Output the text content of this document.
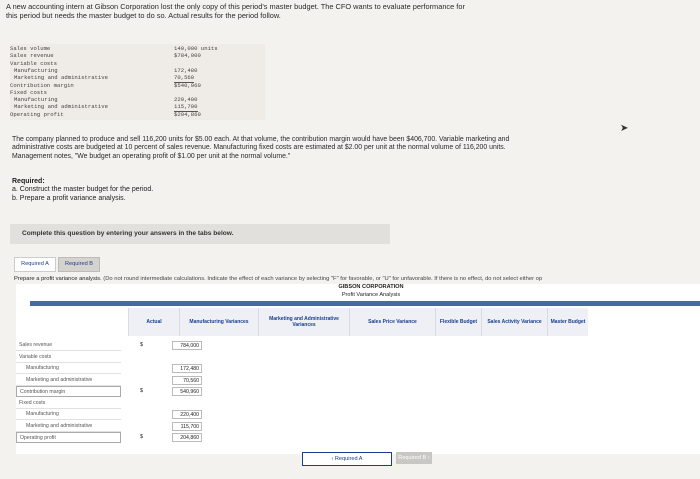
A new accounting intern at Gibson Corporation lost the only copy of this period's master budget. The CFO wants to evaluate performance for this period but needs the master budget to do so. Actual results for the period follow.
Sales volume	140,000 units
Sales revenue	$784,000
Variable costs
Manufacturing	172,480
Marketing and administrative	70,560
Contribution margin	$540,960
Fixed costs
Manufacturing	220,400
Marketing and administrative	115,700
Operating profit	$204,860
The company planned to produce and sell 116,200 units for $5.00 each. At that volume, the contribution margin would have been $406,700. Variable marketing and administrative costs are budgeted at 10 percent of sales revenue. Manufacturing fixed costs are estimated at $2.00 per unit at the normal volume of 116,200 units. Management notes, "We budget an operating profit of $1.00 per unit at the normal volume."
Required:
a. Construct the master budget for the period.
b. Prepare a profit variance analysis.
Complete this question by entering your answers in the tabs below.
Required A	Required B
Prepare a profit variance analysis. (Do not round intermediate calculations. Indicate the effect of each variance by selecting "F" for favorable, or "U" for unfavorable. If there is no effect, do not select either op
GIBSON CORPORATION
Profit Variance Analysis
Actual	Manufacturing Variances	Marketing and Administrative Variances	Sales Price Variance	Flexible Budget	Sales Activity Variance	Master Budget
Sales revenue	$	784,000
Variable costs
Manufacturing	172,480
Marketing and administrative	70,560
Contribution margin	$	540,960
Fixed costs
Manufacturing	220,400
Marketing and administrative	115,700
Operating profit	$	204,860
‹ Required A	Required B ›
➤
